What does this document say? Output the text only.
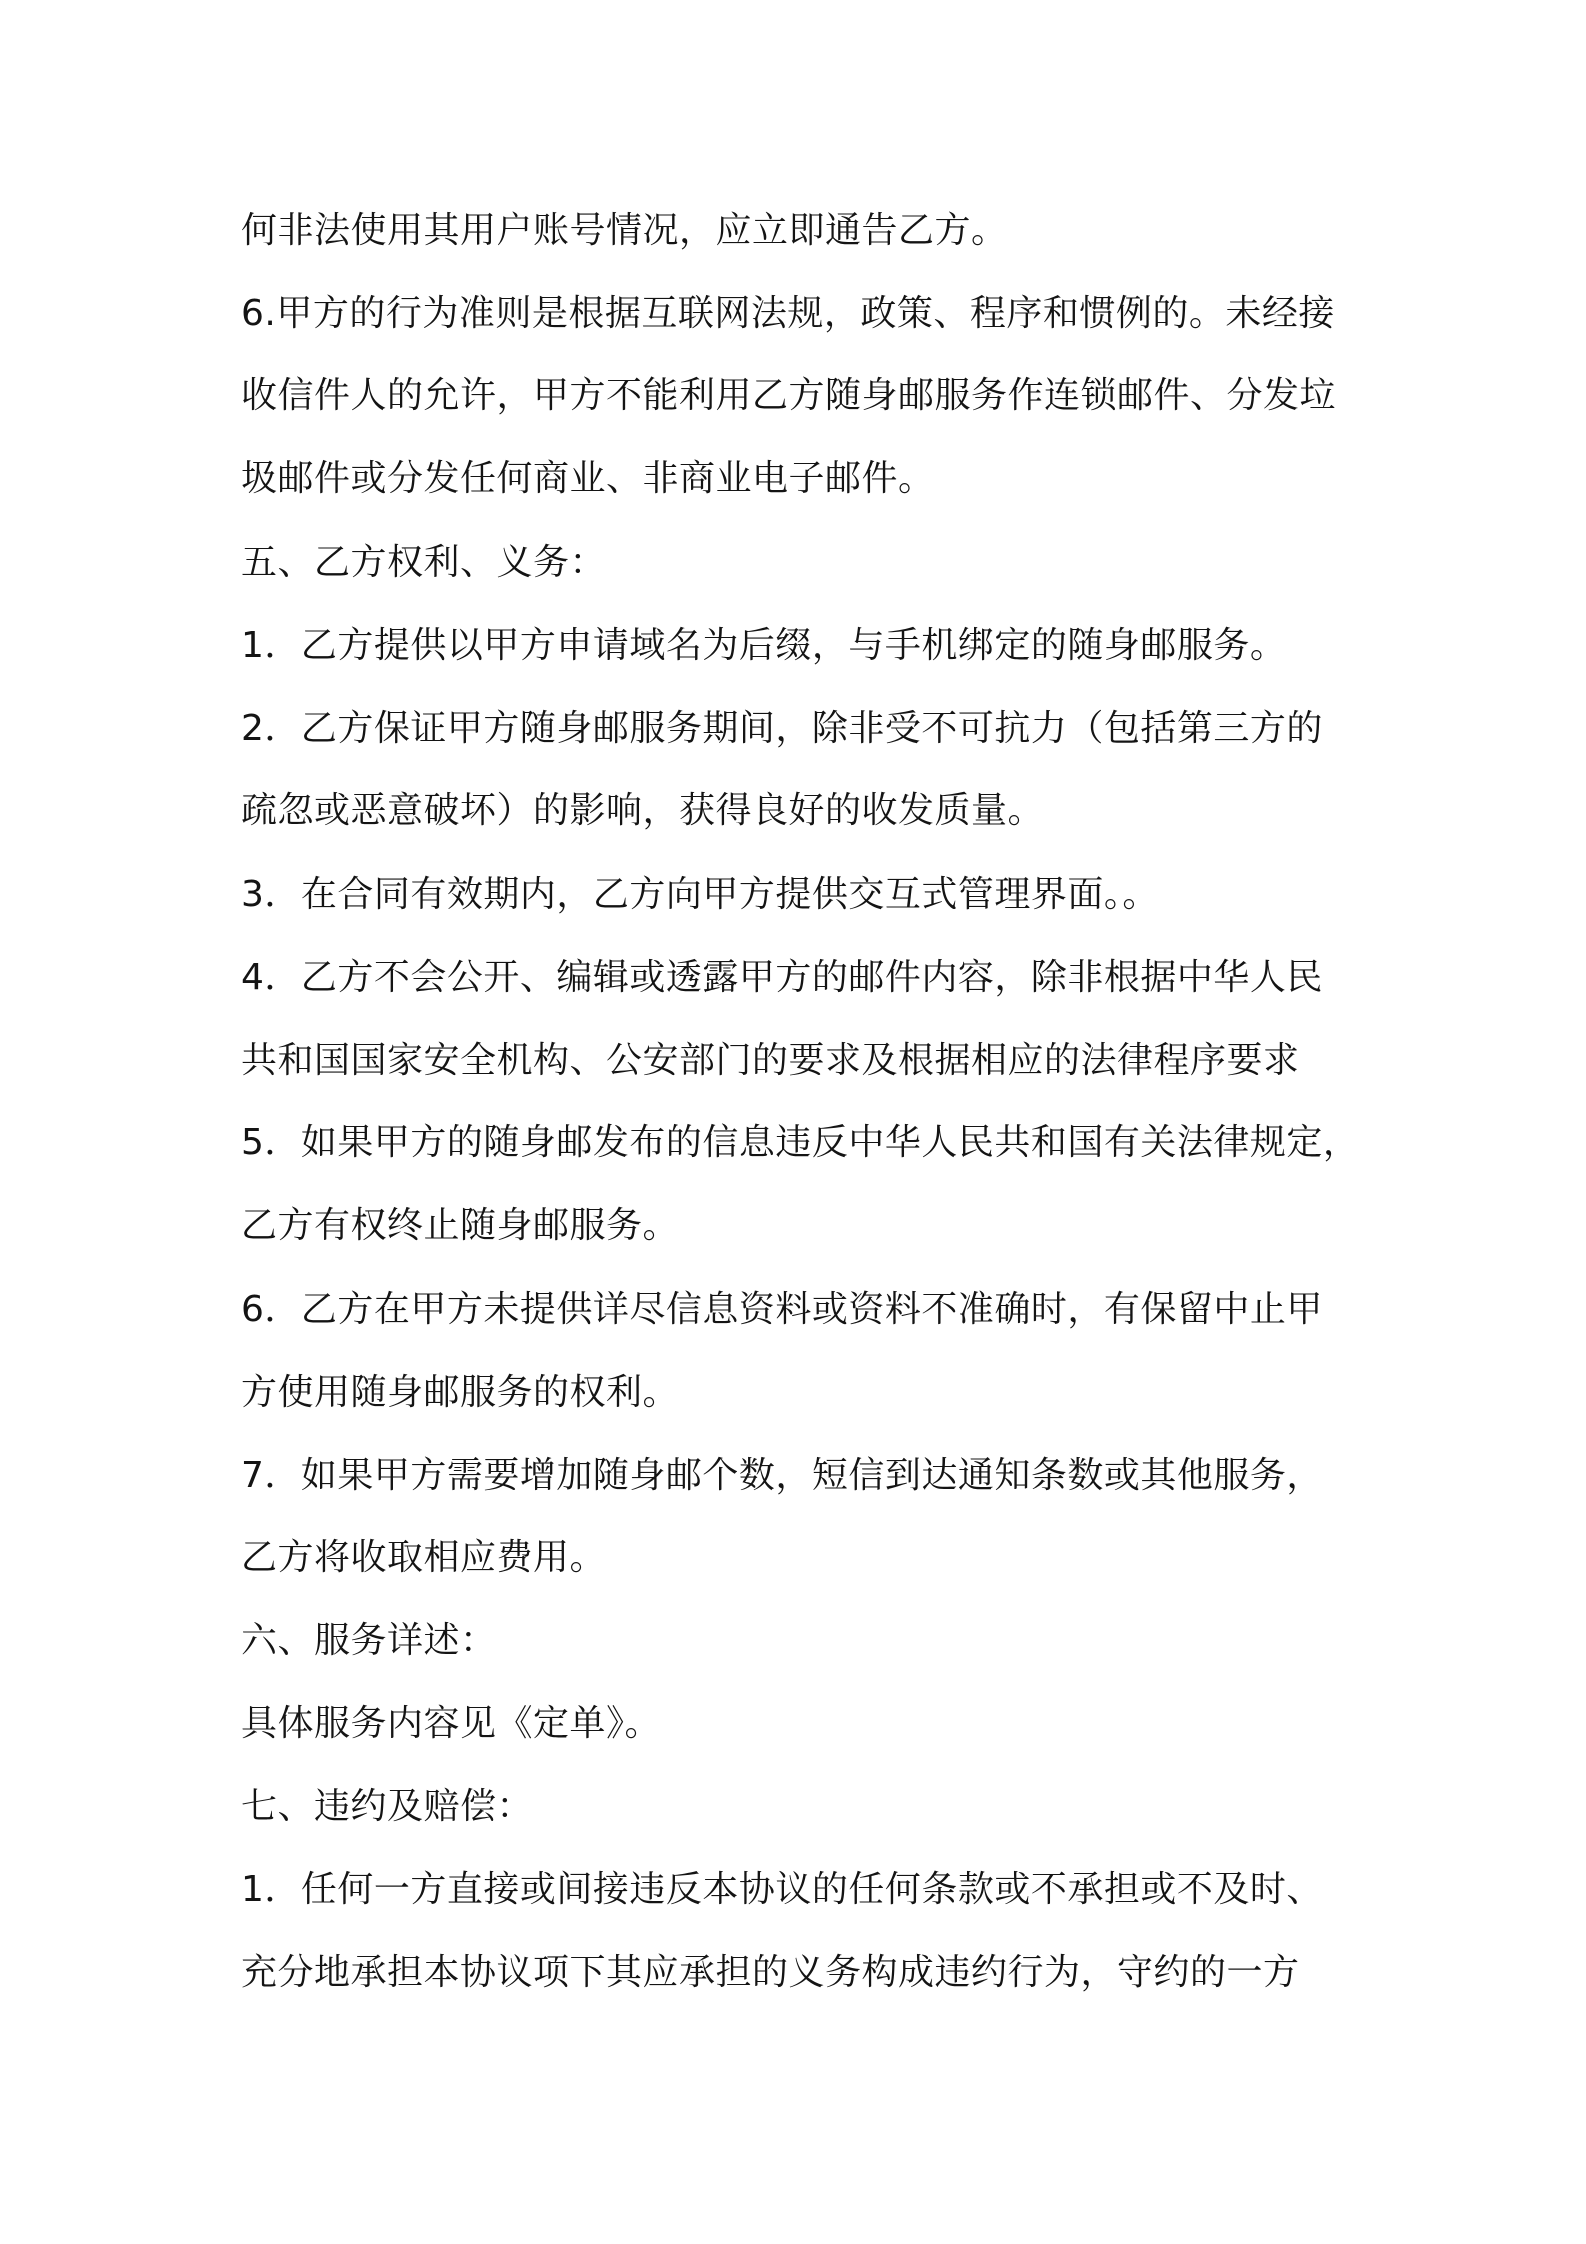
何非法使用其用户账号情况，应立即通告乙方。
6.甲方的行为准则是根据互联网法规，政策、程序和惯例的。未经接
收信件人的允许，甲方不能利用乙方随身邮服务作连锁邮件、分发垃
圾邮件或分发任何商业、非商业电子邮件。
五、乙方权利、义务：
1．乙方提供以甲方申请域名为后缀，与手机绑定的随身邮服务。
2．乙方保证甲方随身邮服务期间，除非受不可抗力（包括第三方的
疏忽或恶意破坏）的影响，获得良好的收发质量。
3．在合同有效期内，乙方向甲方提供交互式管理界面。。
4．乙方不会公开、编辑或透露甲方的邮件内容，除非根据中华人民
共和国国家安全机构、公安部门的要求及根据相应的法律程序要求
5．如果甲方的随身邮发布的信息违反中华人民共和国有关法律规定，
乙方有权终止随身邮服务。
6．乙方在甲方未提供详尽信息资料或资料不准确时，有保留中止甲
方使用随身邮服务的权利。
7．如果甲方需要增加随身邮个数，短信到达通知条数或其他服务，
乙方将收取相应费用。
六、服务详述：
具体服务内容见《定单》。
七、违约及赔偿：
1．任何一方直接或间接违反本协议的任何条款或不承担或不及时、
充分地承担本协议项下其应承担的义务构成违约行为，守约的一方
